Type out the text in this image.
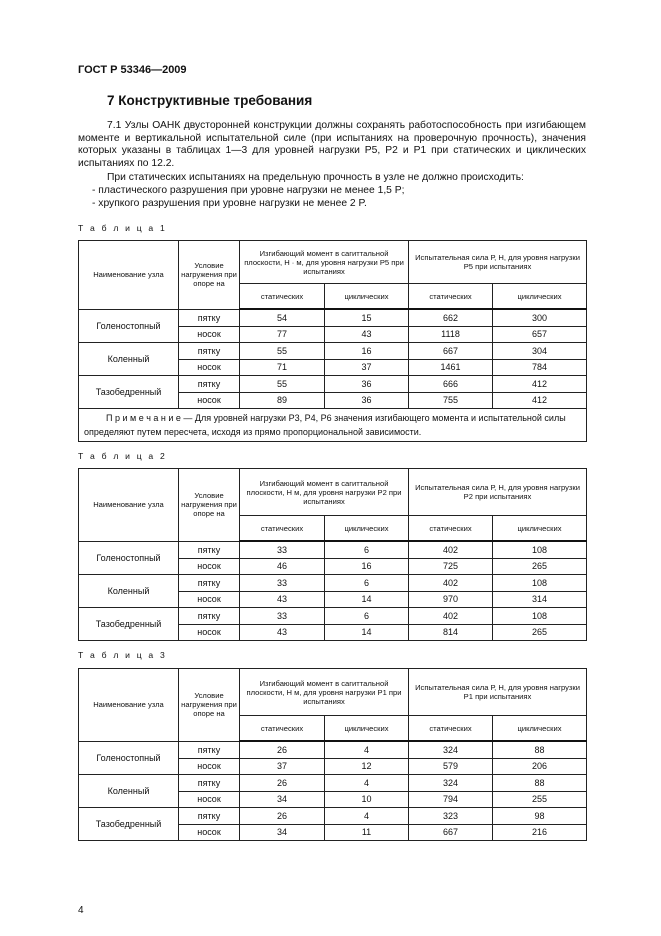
ГОСТ Р 53346—2009
7 Конструктивные требования
7.1 Узлы ОАНК двусторонней конструкции должны сохранять работоспособность при изгибающем моменте и вертикальной испытательной силе (при испытаниях на проверочную прочность), значения которых указаны в таблицах 1—3 для уровней нагрузки Р5, Р2 и Р1 при статических и циклических испытаниях по 12.2.
При статических испытаниях на предельную прочность в узле не должно происходить:
- пластического разрушения при уровне нагрузки не менее 1,5 P;
- хрупкого разрушения при уровне нагрузки не менее 2 P.
Т а б л и ц а 1
Наименование узла	Условие нагружения при опоре на	Изгибающий момент в сагиттальной плоскости, Н · м, для уровня нагрузки Р5 при испытаниях		Испытательная сила Р, Н, для уровня нагрузки Р5 при испытаниях	
		статических	циклических	статических	циклических
Голеностопный	пятку	54	15	662	300
	носок	77	43	1118	657
Коленный	пятку	55	16	667	304
	носок	71	37	1461	784
Тазобедренный	пятку	55	36	666	412
	носок	89	36	755	412
П р и м е ч а н и е — Для уровней нагрузки Р3, Р4, Р6 значения изгибающего момента и испытательной силы определяют путем пересчета, исходя из прямо пропорциональной зависимости.					
Т а б л и ц а 2
Наименование узла	Условие нагружения при опоре на	Изгибающий момент в сагиттальной плоскости, Н м, для уровня нагрузки Р2 при испытаниях		Испытательная сила Р, Н, для уровня нагрузки Р2 при испытаниях	
		статических	циклических	статических	циклических
Голеностопный	пятку	33	6	402	108
	носок	46	16	725	265
Коленный	пятку	33	6	402	108
	носок	43	14	970	314
Тазобедренный	пятку	33	6	402	108
	носок	43	14	814	265
Т а б л и ц а 3
Наименование узла	Условие нагружения при опоре на	Изгибающий момент в сагиттальной плоскости, Н м, для уровня нагрузки Р1 при испытаниях		Испытательная сила Р, Н, для уровня нагрузки Р1 при испытаниях	
		статических	циклических	статических	циклических
Голеностопный	пятку	26	4	324	88
	носок	37	12	579	206
Коленный	пятку	26	4	324	88
	носок	34	10	794	255
Тазобедренный	пятку	26	4	323	98
	носок	34	11	667	216
4
